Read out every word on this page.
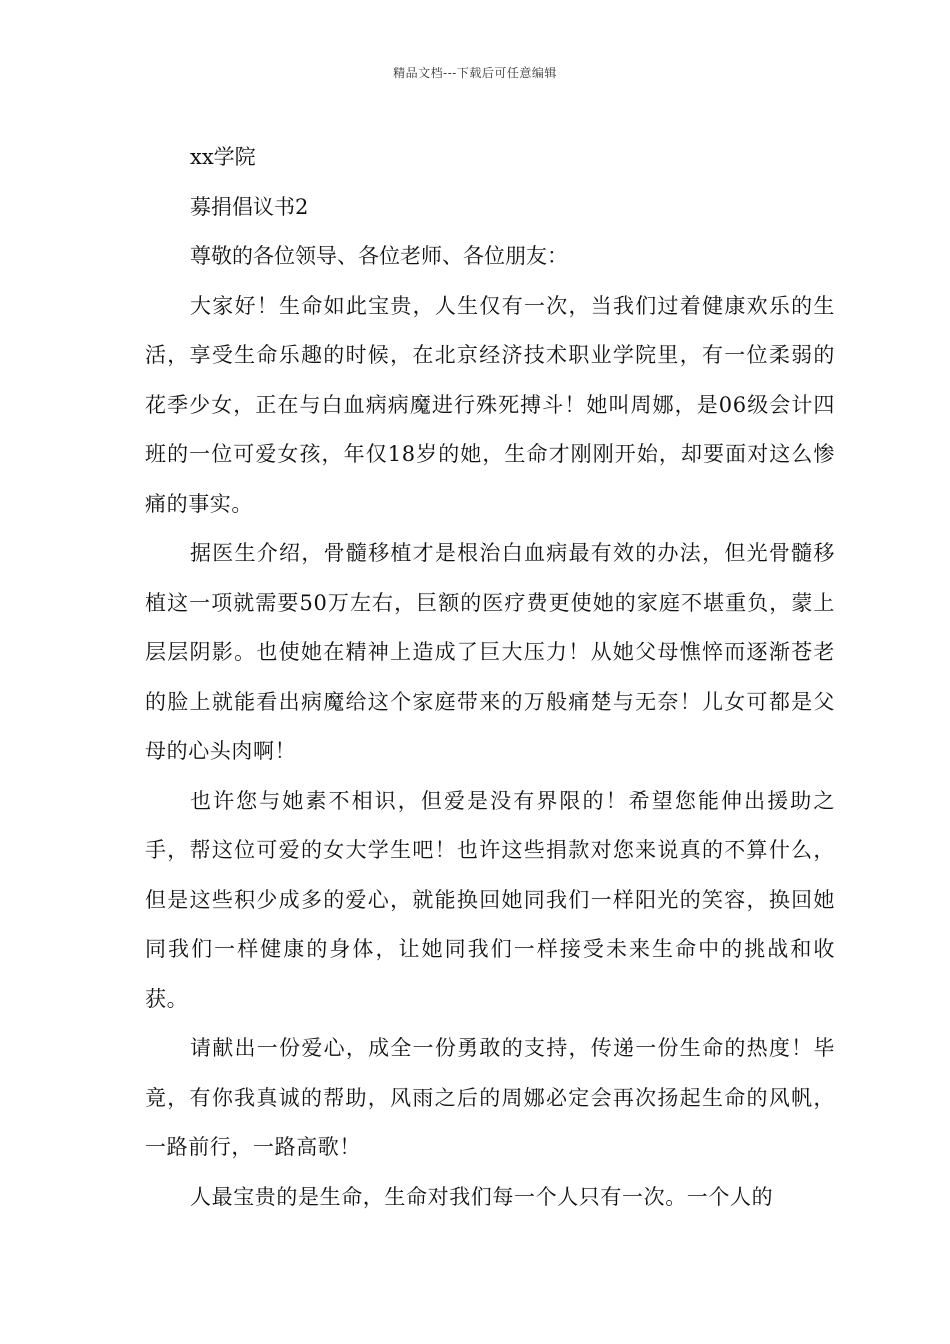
精品文档---下载后可任意编辑

xx学院

募捐倡议书2

尊敬的各位领导、各位老师、各位朋友：

大家好！生命如此宝贵，人生仅有一次，当我们过着健康欢乐的生活，享受生命乐趣的时候，在北京经济技术职业学院里，有一位柔弱的花季少女，正在与白血病病魔进行殊死搏斗！她叫周娜，是06级会计四班的一位可爱女孩，年仅18岁的她，生命才刚刚开始，却要面对这么惨痛的事实。

据医生介绍，骨髓移植才是根治白血病最有效的办法，但光骨髓移植这一项就需要50万左右，巨额的医疗费更使她的家庭不堪重负，蒙上层层阴影。也使她在精神上造成了巨大压力！从她父母憔悴而逐渐苍老的脸上就能看出病魔给这个家庭带来的万般痛楚与无奈！儿女可都是父母的心头肉啊！

也许您与她素不相识，但爱是没有界限的！希望您能伸出援助之手，帮这位可爱的女大学生吧！也许这些捐款对您来说真的不算什么，但是这些积少成多的爱心，就能换回她同我们一样阳光的笑容，换回她同我们一样健康的身体，让她同我们一样接受未来生命中的挑战和收获。

请献出一份爱心，成全一份勇敢的支持，传递一份生命的热度！毕竟，有你我真诚的帮助，风雨之后的周娜必定会再次扬起生命的风帆，一路前行，一路高歌！

人最宝贵的是生命，生命对我们每一个人只有一次。一个人的
